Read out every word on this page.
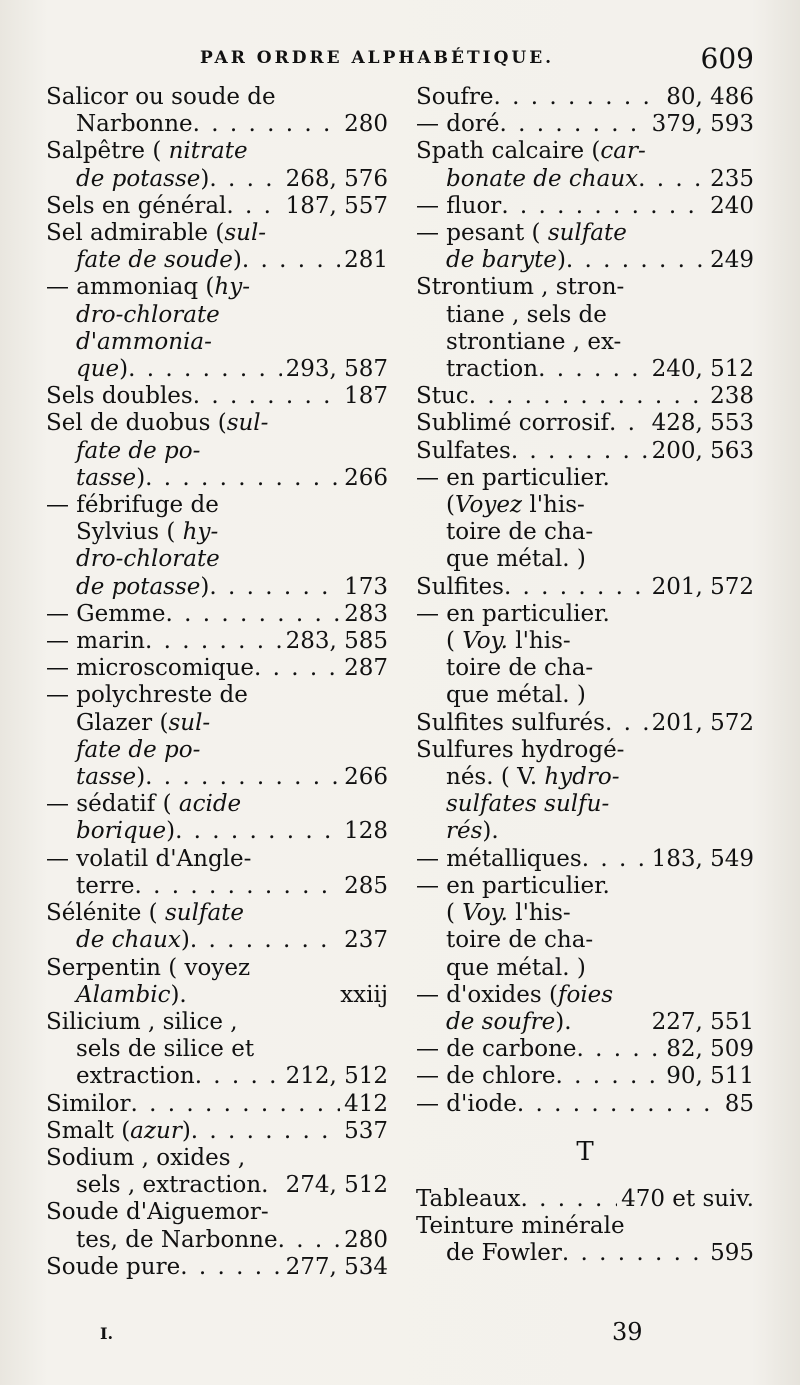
PAR ORDRE ALPHABÉTIQUE.	609
Salicor ou soude de
Narbonne . . .	280
Salpêtre ( nitrate
de potasse) . . .	268, 576
Sels en général . . .	187, 557
Sel admirable (sul-
fate de soude) . . .	281
— ammoniaq (hy-
dro-chlorate
d'ammonia-
que) . . .	293, 587
Sels doubles . . .	187
Sel de duobus (sul-
fate de po-
tasse) . . .	266
— fébrifuge de
Sylvius ( hy-
dro-chlorate
de potasse) . . .	173
— Gemme . . .	283
— marin . . .	283, 585
— microscomique . . .	287
— polychreste de
Glazer (sul-
fate de po-
tasse) . . .	266
— sédatif ( acide
borique) . . .	128
— volatil d'Angle-
terre . . .	285
Sélénite ( sulfate
de chaux) . . .	237
Serpentin ( voyez
Alambic).	xxiij
Silicium , silice ,
sels de silice et
extraction . . .	212, 512
Similor . . .	412
Smalt (azur) . . .	537
Sodium , oxides ,
sels , extraction. 274, 512
Soude d'Aiguemor-
tes, de Narbonne . . .	280
Soude pure . . .	277, 534
Soufre . . .	80, 486
— doré . . .	379, 593
Spath calcaire (car-
bonate de chaux . . .	235
— fluor . . .	240
— pesant ( sulfate
de baryte) . . .	249
Strontium , stron-
tiane , sels de
strontiane , ex-
traction . . .	240, 512
Stuc . . .	238
Sublimé corrosif . . . 428, 553
Sulfates . . .	200, 563
— en particulier.
(Voyez l'his-
toire de cha-
que métal. )
Sulfites . . .	201, 572
— en particulier.
( Voy. l'his-
toire de cha-
que métal. )
Sulfites sulfurés . . . 201, 572
Sulfures hydrogé-
nés. ( V. hydro-
sulfates sulfu-
rés).
— métalliques . . .	183, 549
— en particulier.
( Voy. l'his-
toire de cha-
que métal. )
— d'oxides (foies
de soufre).	227, 551
— de carbone . . .	82, 509
— de chlore . . .	90, 511
— d'iode . . .	85
T
Tableaux . . .	470 et suiv.
Teinture minérale
de Fowler . . .	595
I.	39
